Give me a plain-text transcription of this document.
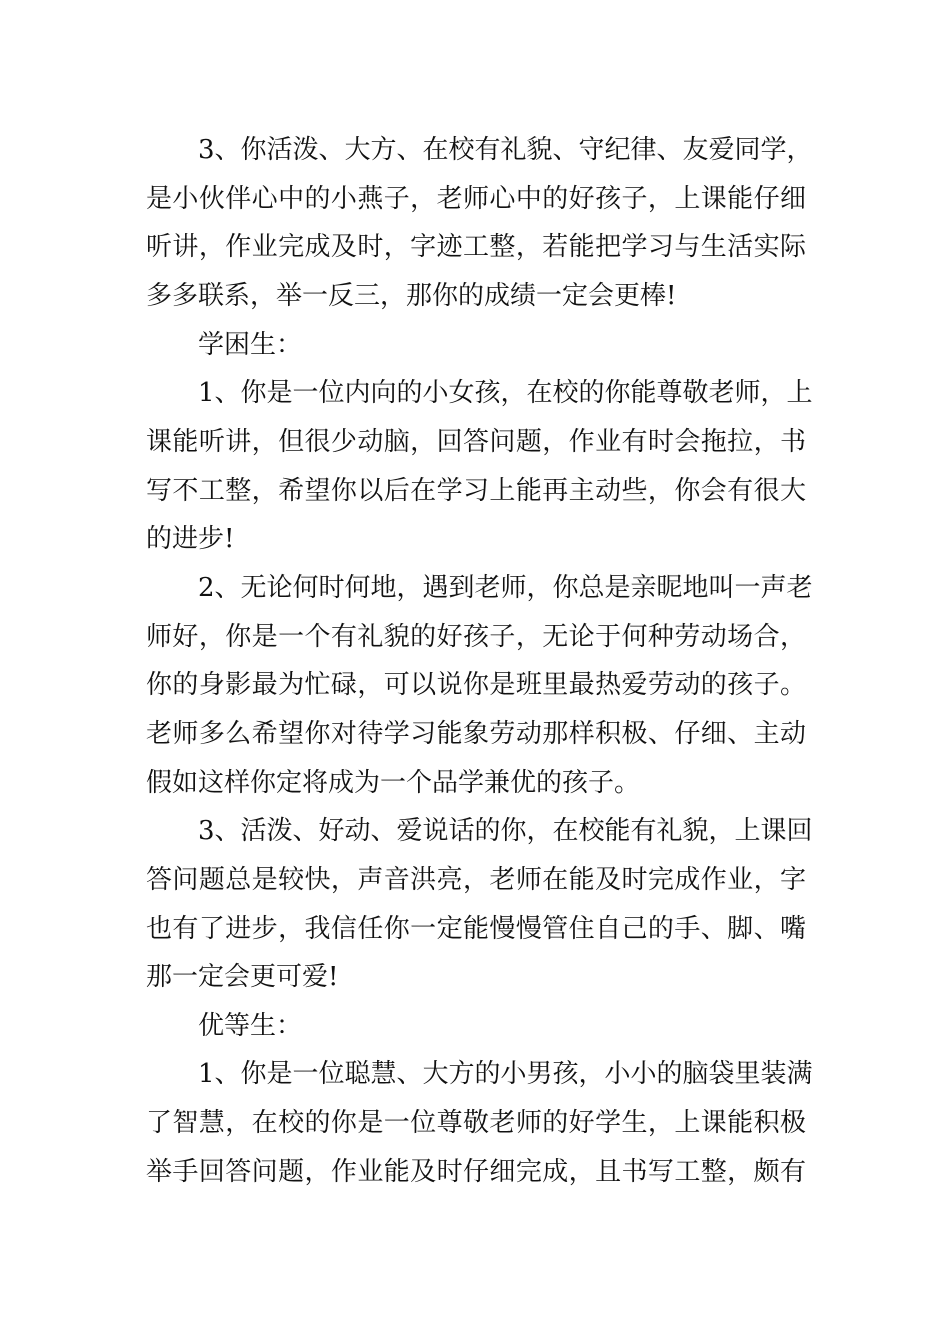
3、你活泼、大方、在校有礼貌、守纪律、友爱同学，
是小伙伴心中的小燕子，老师心中的好孩子，上课能仔细
听讲，作业完成及时，字迹工整，若能把学习与生活实际
多多联系，举一反三，那你的成绩一定会更棒!
学困生：
1、你是一位内向的小女孩，在校的你能尊敬老师，上
课能听讲，但很少动脑，回答问题，作业有时会拖拉，书
写不工整，希望你以后在学习上能再主动些，你会有很大
的进步!
2、无论何时何地，遇到老师，你总是亲昵地叫一声老
师好，你是一个有礼貌的好孩子，无论于何种劳动场合，
你的身影最为忙碌，可以说你是班里最热爱劳动的孩子。
老师多么希望你对待学习能象劳动那样积极、仔细、主动
假如这样你定将成为一个品学兼优的孩子。
3、活泼、好动、爱说话的你，在校能有礼貌，上课回
答问题总是较快，声音洪亮，老师在能及时完成作业，字
也有了进步，我信任你一定能慢慢管住自己的手、脚、嘴
那一定会更可爱!
优等生：
1、你是一位聪慧、大方的小男孩，小小的脑袋里装满
了智慧，在校的你是一位尊敬老师的好学生，上课能积极
举手回答问题，作业能及时仔细完成，且书写工整，颇有
